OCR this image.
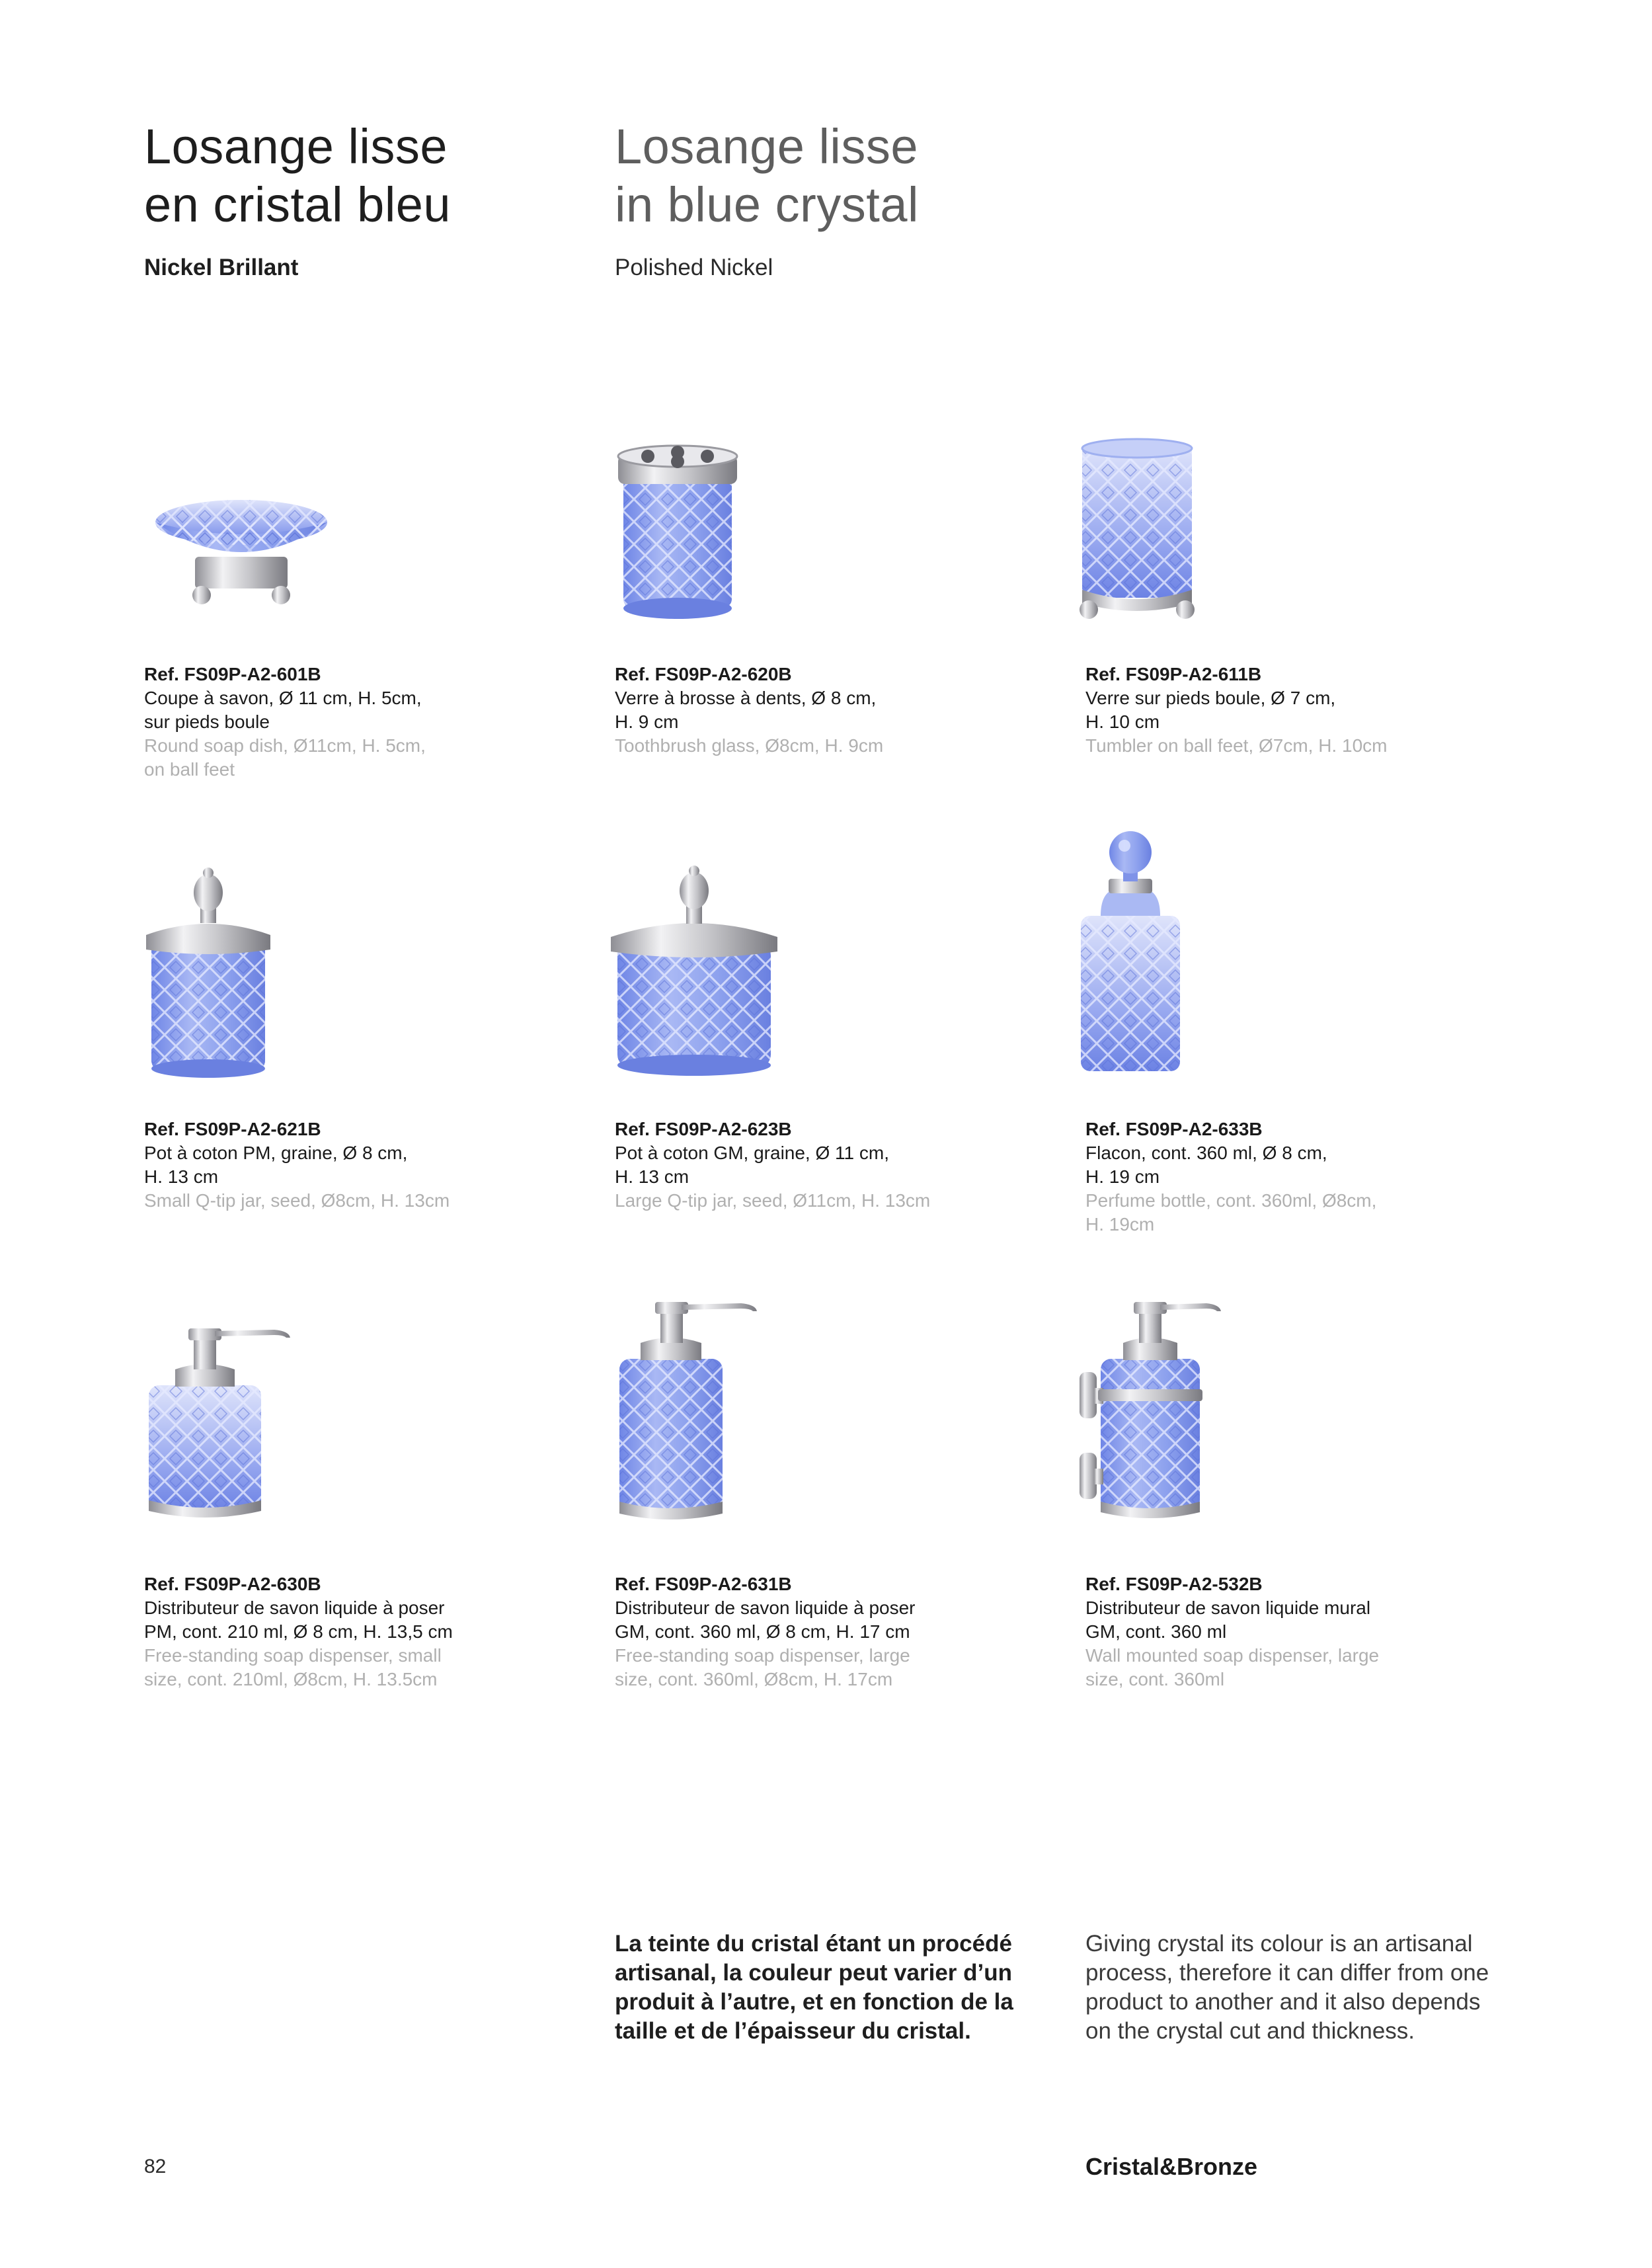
Losange lisse
en cristal bleu
Losange lisse
in blue crystal
Nickel Brillant	Polished Nickel
Ref. FS09P-A2-601B
Coupe à savon, Ø 11 cm, H. 5cm,
sur pieds boule
Round soap dish, Ø11cm, H. 5cm,
on ball feet
Ref. FS09P-A2-620B
Verre à brosse à dents, Ø 8 cm,
H. 9 cm
Toothbrush glass, Ø8cm, H. 9cm
Ref. FS09P-A2-611B
Verre sur pieds boule, Ø 7 cm,
H. 10 cm
Tumbler on ball feet, Ø7cm, H. 10cm
Ref. FS09P-A2-621B
Pot à coton PM, graine, Ø 8 cm,
H. 13 cm
Small Q-tip jar, seed, Ø8cm, H. 13cm
Ref. FS09P-A2-623B
Pot à coton GM, graine, Ø 11 cm,
H. 13 cm
Large Q-tip jar, seed, Ø11cm, H. 13cm
Ref. FS09P-A2-633B
Flacon, cont. 360 ml, Ø 8 cm,
H. 19 cm
Perfume bottle, cont. 360ml, Ø8cm,
H. 19cm
Ref. FS09P-A2-630B
Distributeur de savon liquide à poser
PM, cont. 210 ml, Ø 8 cm, H. 13,5 cm
Free-standing soap dispenser, small
size, cont. 210ml, Ø8cm, H. 13.5cm
Ref. FS09P-A2-631B
Distributeur de savon liquide à poser
GM, cont. 360 ml, Ø 8 cm, H. 17 cm
Free-standing soap dispenser, large
size, cont. 360ml, Ø8cm, H. 17cm
Ref. FS09P-A2-532B
Distributeur de savon liquide mural
GM, cont. 360 ml
Wall mounted soap dispenser, large
size, cont. 360ml
La teinte du cristal étant un procédé artisanal, la couleur peut varier d’un produit à l’autre, et en fonction de la taille et de l’épaisseur du cristal.
Giving crystal its colour is an artisanal process, therefore it can differ from one product to another and it also depends on the crystal cut and thickness.
82	Cristal&Bronze
